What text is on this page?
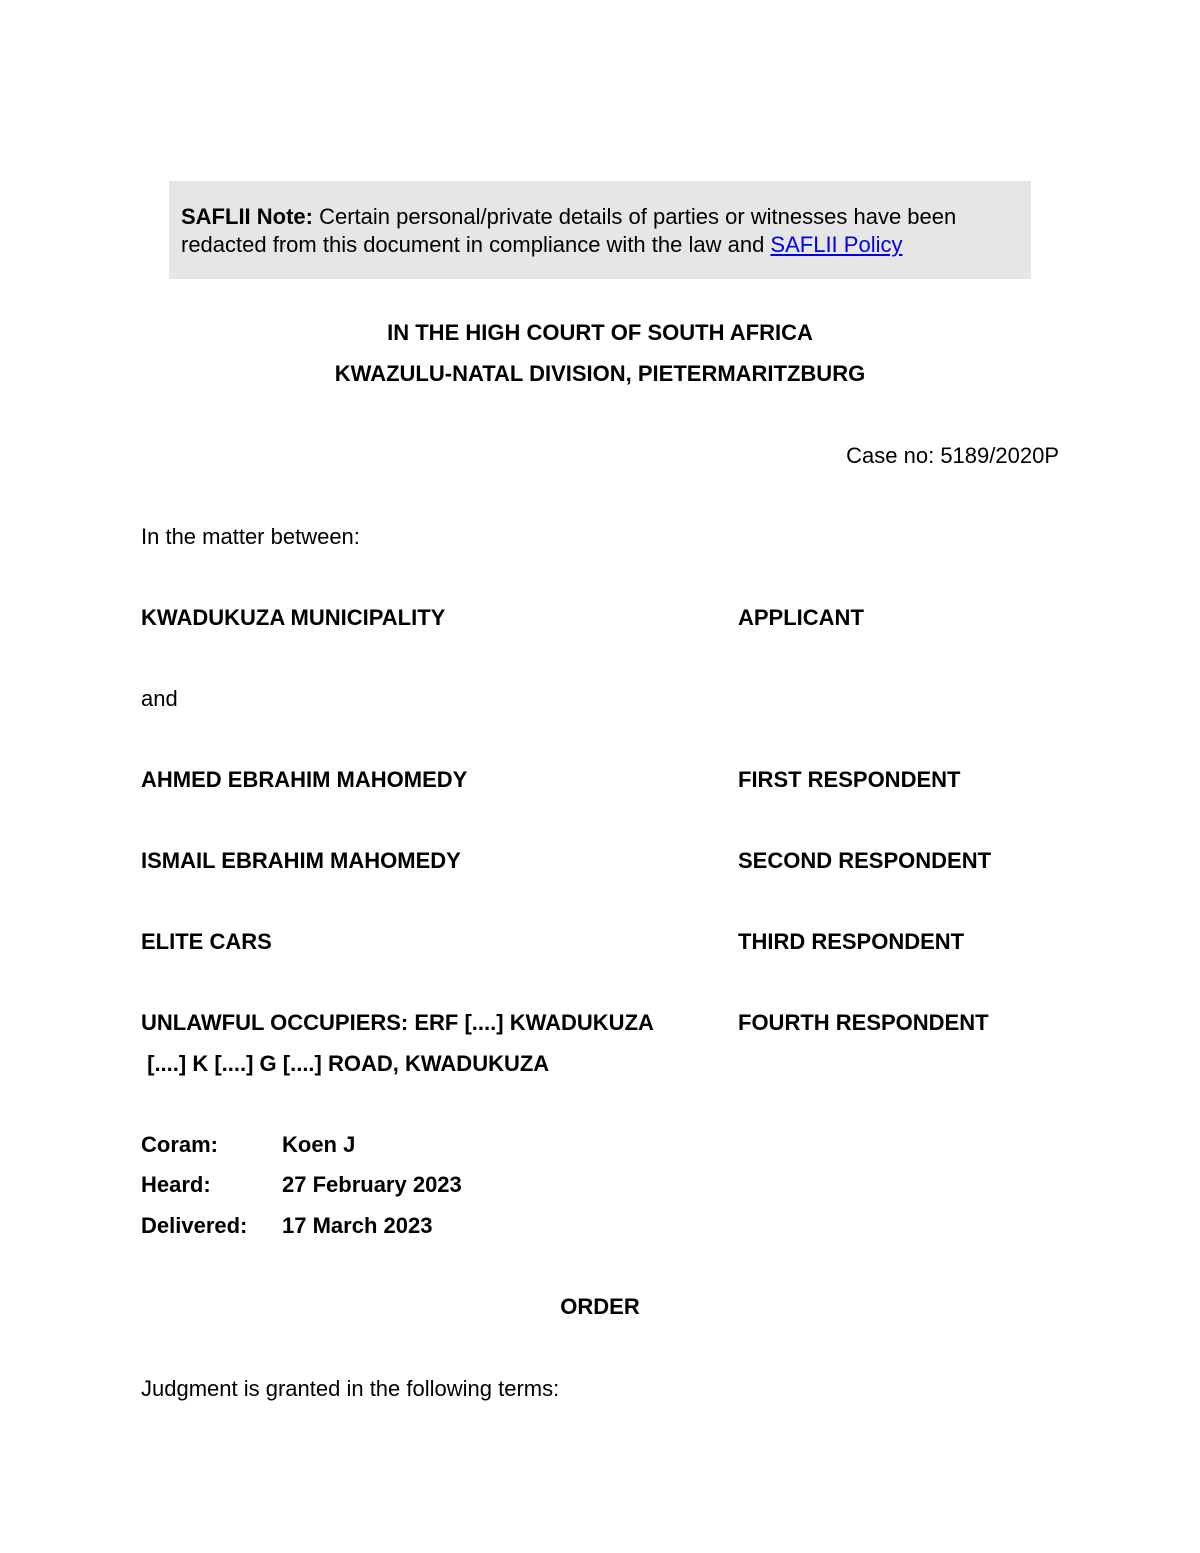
SAFLII Note: Certain personal/private details of parties or witnesses have been
redacted from this document in compliance with the law and SAFLII Policy
IN THE HIGH COURT OF SOUTH AFRICA
KWAZULU-NATAL DIVISION, PIETERMARITZBURG
Case no: 5189/2020P
In the matter between:
KWADUKUZA MUNICIPALITY	APPLICANT
and
AHMED EBRAHIM MAHOMEDY	FIRST RESPONDENT
ISMAIL EBRAHIM MAHOMEDY	SECOND RESPONDENT
ELITE CARS	THIRD RESPONDENT
UNLAWFUL OCCUPIERS: ERF [....] KWADUKUZA	FOURTH RESPONDENT
[....] K [....] G [....] ROAD, KWADUKUZA
Coram:	Koen J
Heard:	27 February 2023
Delivered: 17 March 2023
ORDER
Judgment is granted in the following terms:
